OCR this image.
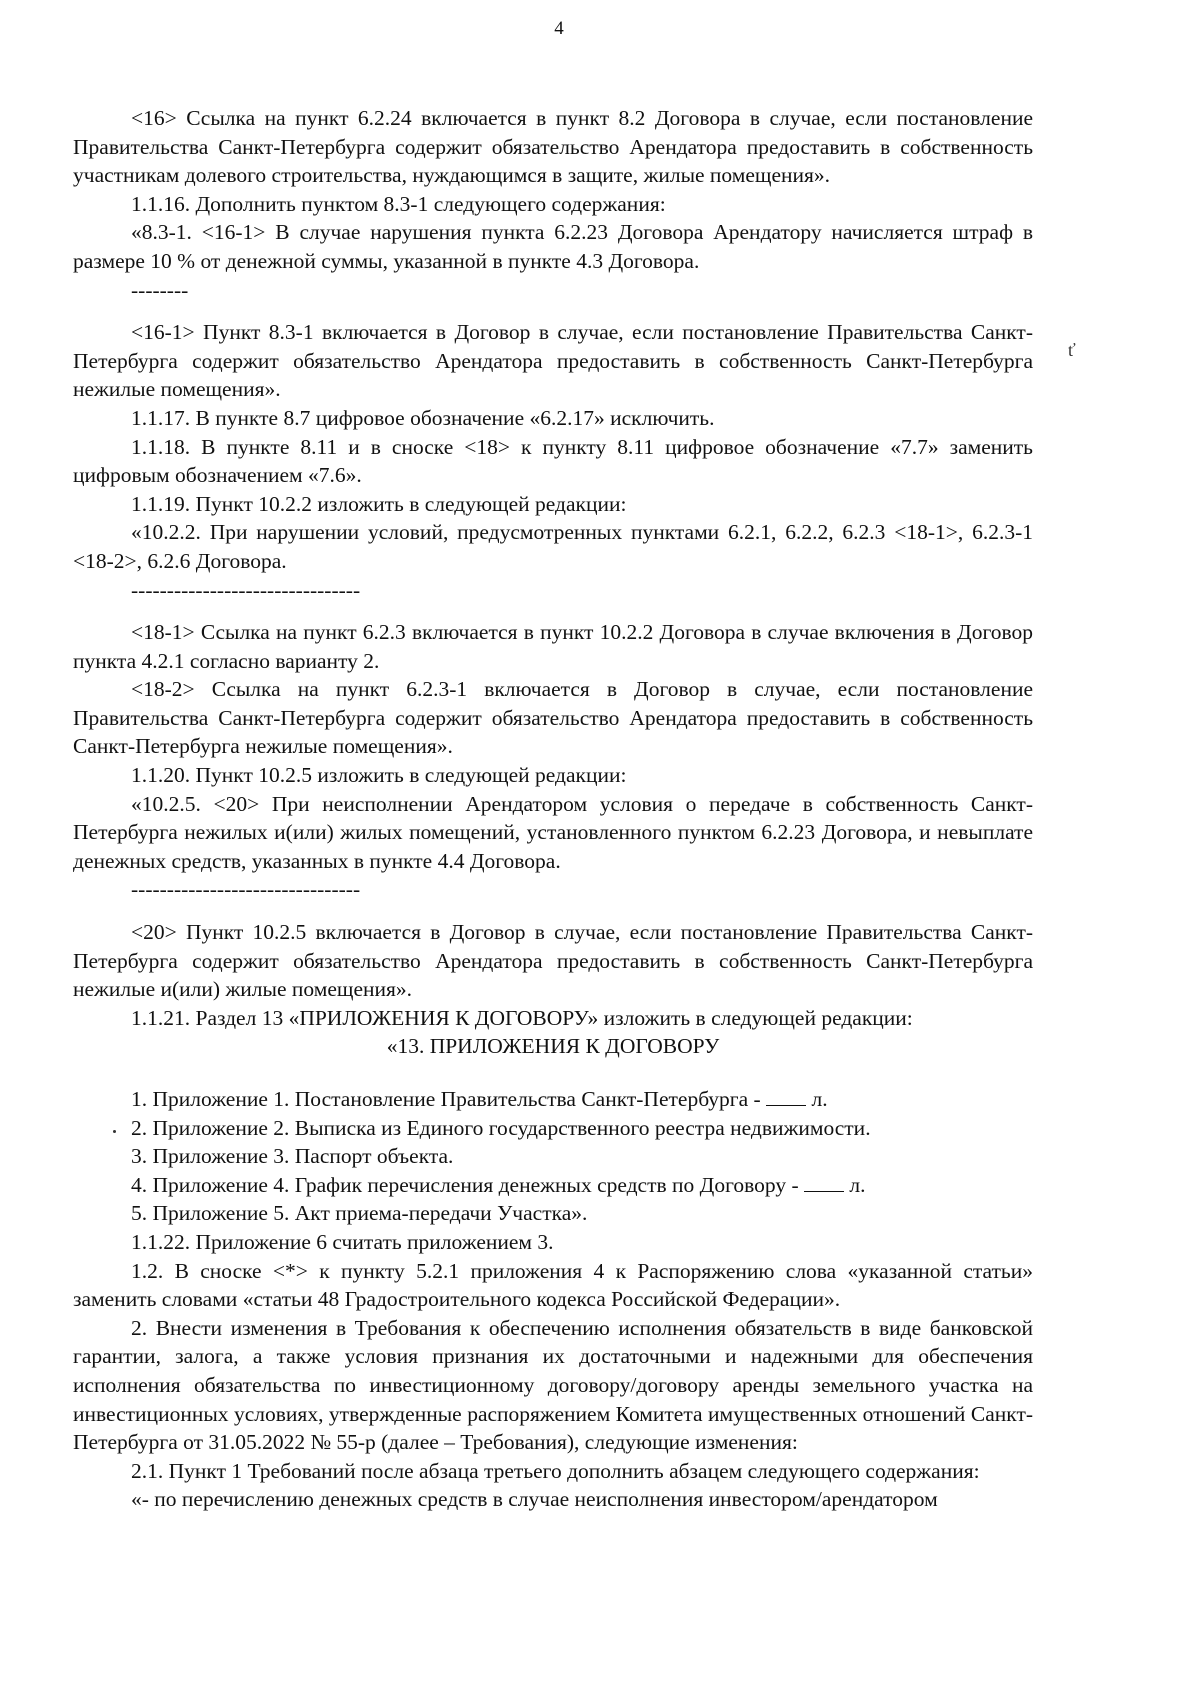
4

<16> Ссылка на пункт 6.2.24 включается в пункт 8.2 Договора в случае, если постановление Правительства Санкт-Петербурга содержит обязательство Арендатора предоставить в собственность участникам долевого строительства, нуждающимся в защите, жилые помещения».

1.1.16. Дополнить пунктом 8.3-1 следующего содержания:

«8.3-1. <16-1> В случае нарушения пункта 6.2.23 Договора Арендатору начисляется штраф в размере 10 % от денежной суммы, указанной в пункте 4.3 Договора.

--------

<16-1> Пункт 8.3-1 включается в Договор в случае, если постановление Правительства Санкт-Петербурга содержит обязательство Арендатора предоставить в собственность Санкт-Петербурга нежилые помещения».

1.1.17. В пункте 8.7 цифровое обозначение «6.2.17» исключить.

1.1.18. В пункте 8.11 и в сноске <18> к пункту 8.11 цифровое обозначение «7.7» заменить цифровым обозначением «7.6».

1.1.19. Пункт 10.2.2 изложить в следующей редакции:

«10.2.2. При нарушении условий, предусмотренных пунктами 6.2.1, 6.2.2, 6.2.3 <18-1>, 6.2.3-1 <18-2>, 6.2.6 Договора.

--------------------------------

<18-1> Ссылка на пункт 6.2.3 включается в пункт 10.2.2 Договора в случае включения в Договор пункта 4.2.1 согласно варианту 2.

<18-2> Ссылка на пункт 6.2.3-1 включается в Договор в случае, если постановление Правительства Санкт-Петербурга содержит обязательство Арендатора предоставить в собственность Санкт-Петербурга нежилые помещения».

1.1.20. Пункт 10.2.5 изложить в следующей редакции:

«10.2.5. <20> При неисполнении Арендатором условия о передаче в собственность Санкт-Петербурга нежилых и(или) жилых помещений, установленного пунктом 6.2.23 Договора, и невыплате денежных средств, указанных в пункте 4.4 Договора.

--------------------------------

<20> Пункт 10.2.5 включается в Договор в случае, если постановление Правительства Санкт-Петербурга содержит обязательство Арендатора предоставить в собственность Санкт-Петербурга нежилые и(или) жилые помещения».

1.1.21. Раздел 13 «ПРИЛОЖЕНИЯ К ДОГОВОРУ» изложить в следующей редакции:

«13. ПРИЛОЖЕНИЯ К ДОГОВОРУ

1. Приложение 1. Постановление Правительства Санкт-Петербурга -  л.

2. Приложение 2. Выписка из Единого государственного реестра недвижимости.

3. Приложение 3. Паспорт объекта.

4. Приложение 4. График перечисления денежных средств по Договору -  л.

5. Приложение 5. Акт приема-передачи Участка».

1.1.22. Приложение 6 считать приложением 3.

1.2. В сноске <*> к пункту 5.2.1 приложения 4 к Распоряжению слова «указанной статьи» заменить словами «статьи 48 Градостроительного кодекса Российской Федерации».

2. Внести изменения в Требования к обеспечению исполнения обязательств в виде банковской гарантии, залога, а также условия признания их достаточными и надежными для обеспечения исполнения обязательства по инвестиционному договору/договору аренды земельного участка на инвестиционных условиях, утвержденные распоряжением Комитета имущественных отношений Санкт-Петербурга от 31.05.2022 № 55-р (далее – Требования), следующие изменения:

2.1. Пункт 1 Требований после абзаца третьего дополнить абзацем следующего содержания:

«- по перечислению денежных средств в случае неисполнения инвестором/арендатором

ť
